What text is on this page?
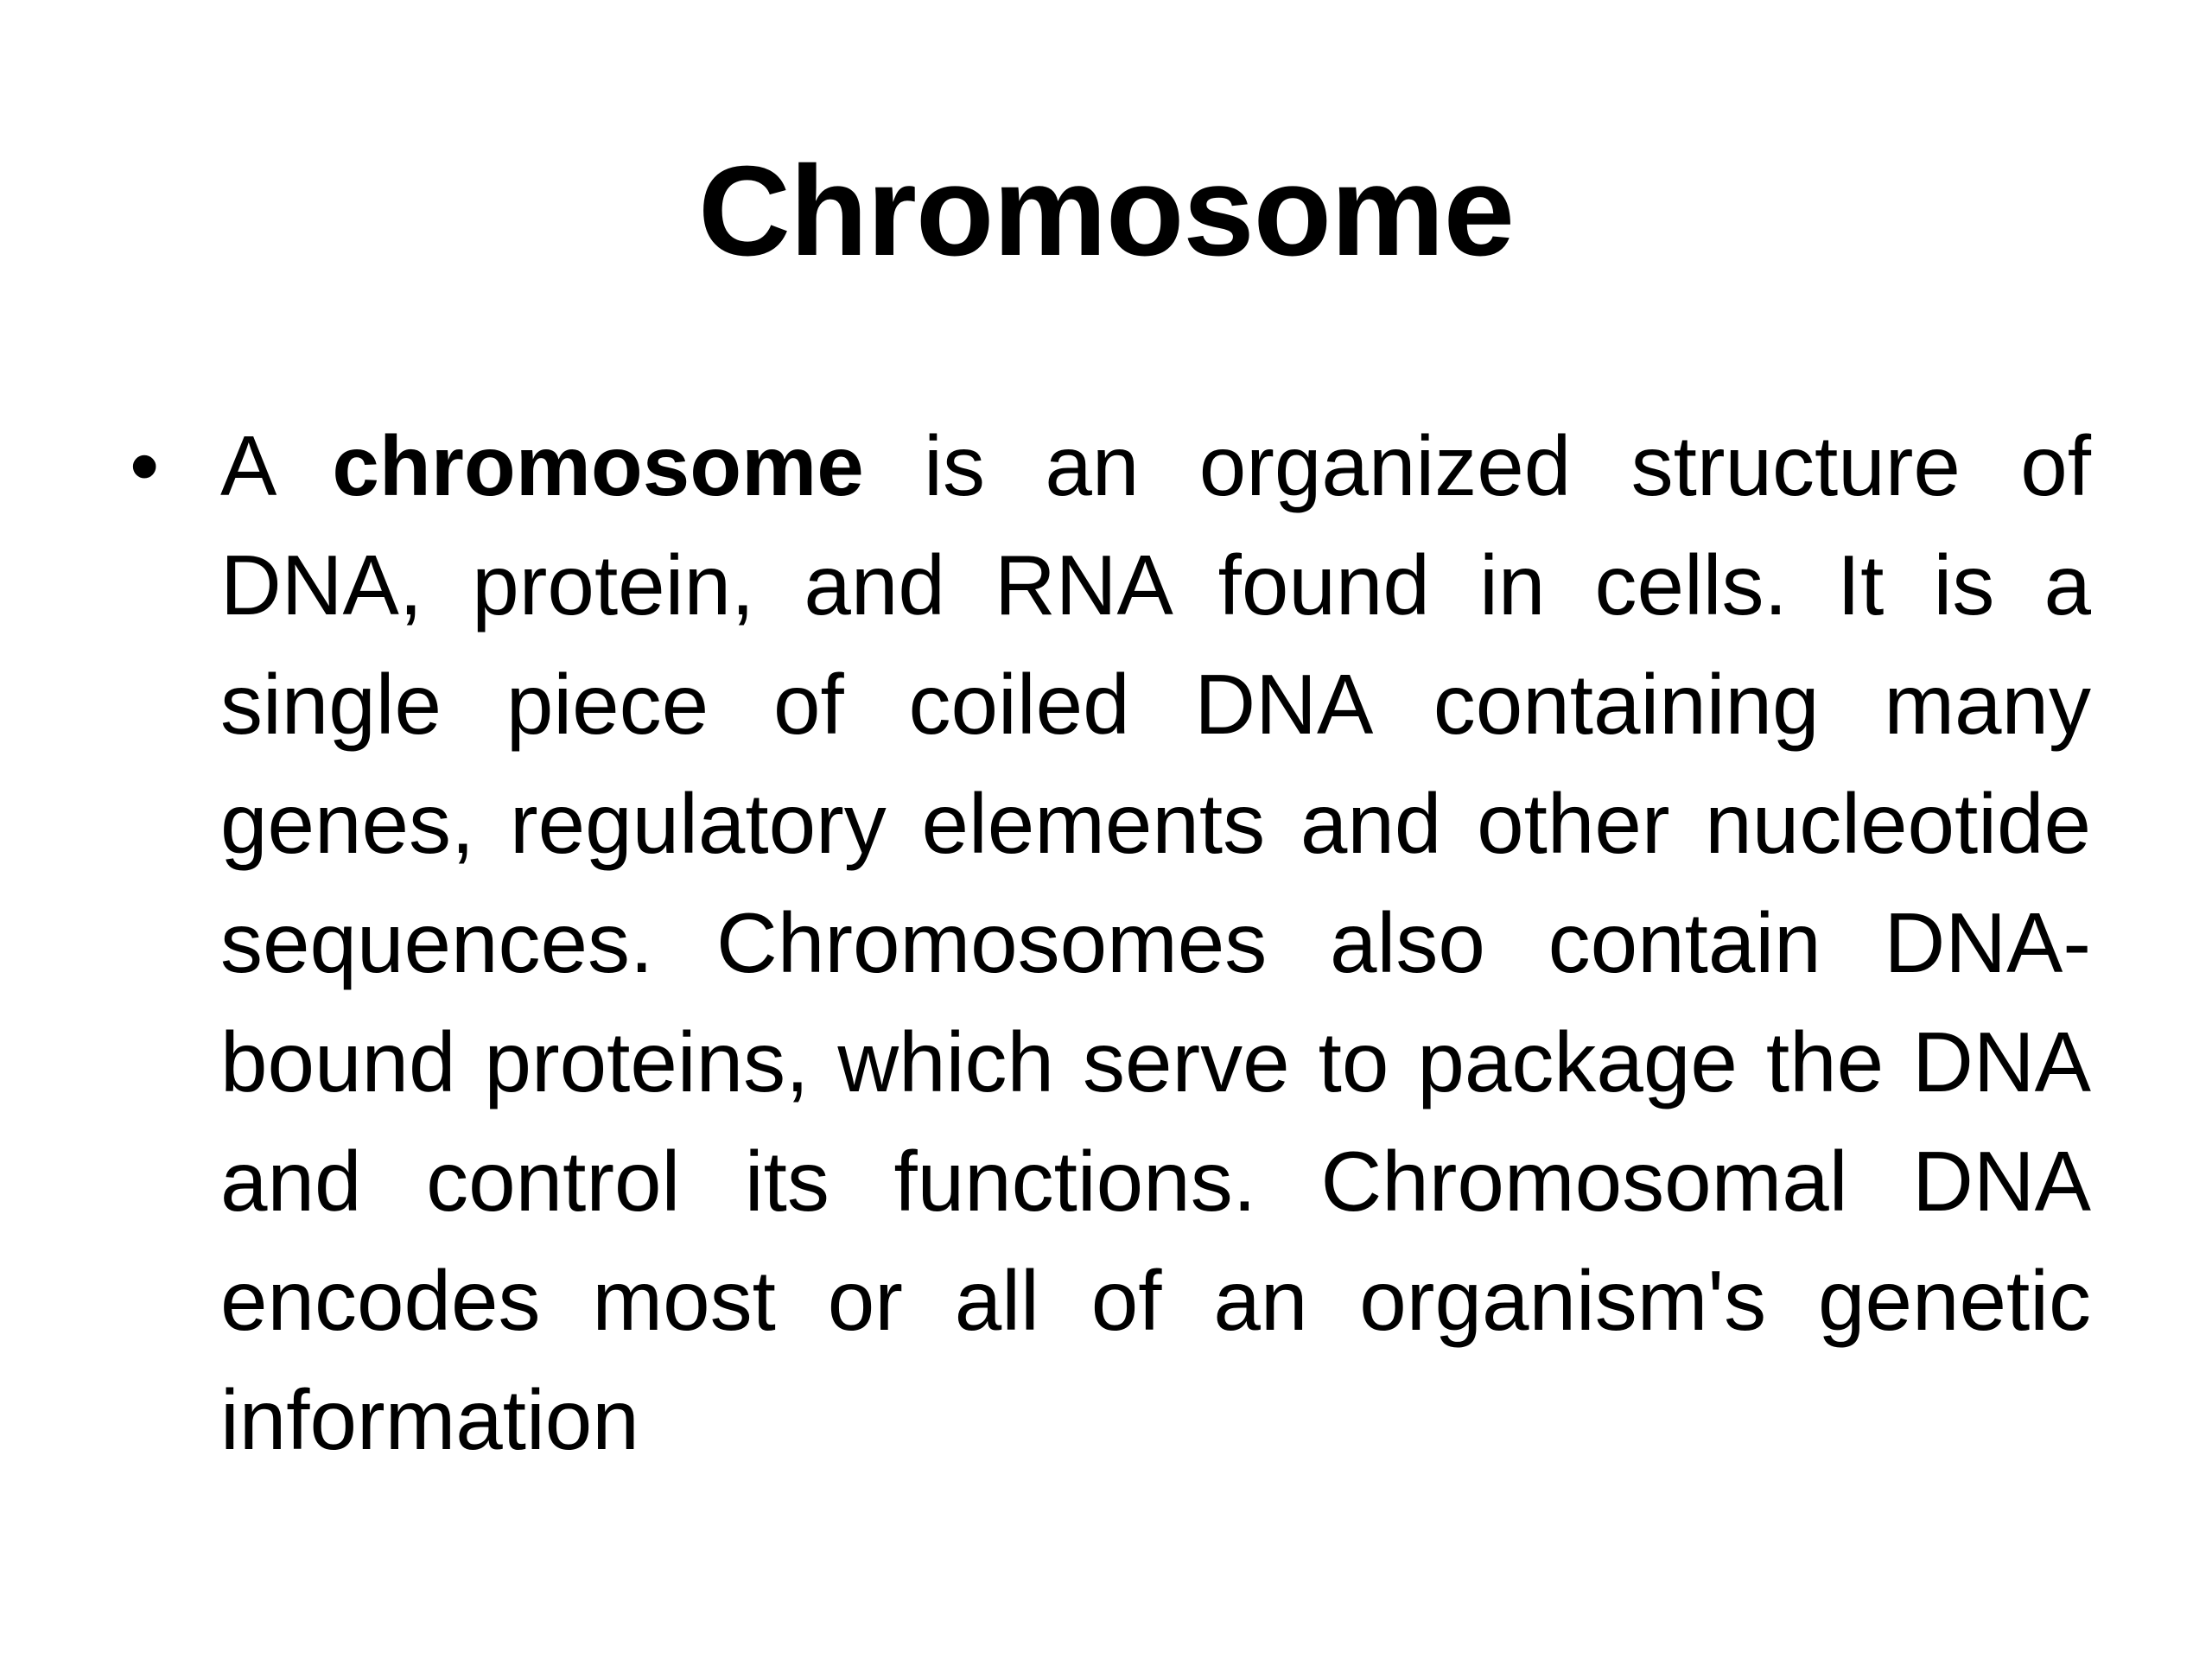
Chromosome
• A chromosome is an organized structure of DNA, protein, and RNA found in cells. It is a single piece of coiled DNA containing many genes, regulatory elements and other nucleotide sequences. Chromosomes also contain DNA-bound proteins, which serve to package the DNA and control its functions. Chromosomal DNA encodes most or all of an organism's genetic information
